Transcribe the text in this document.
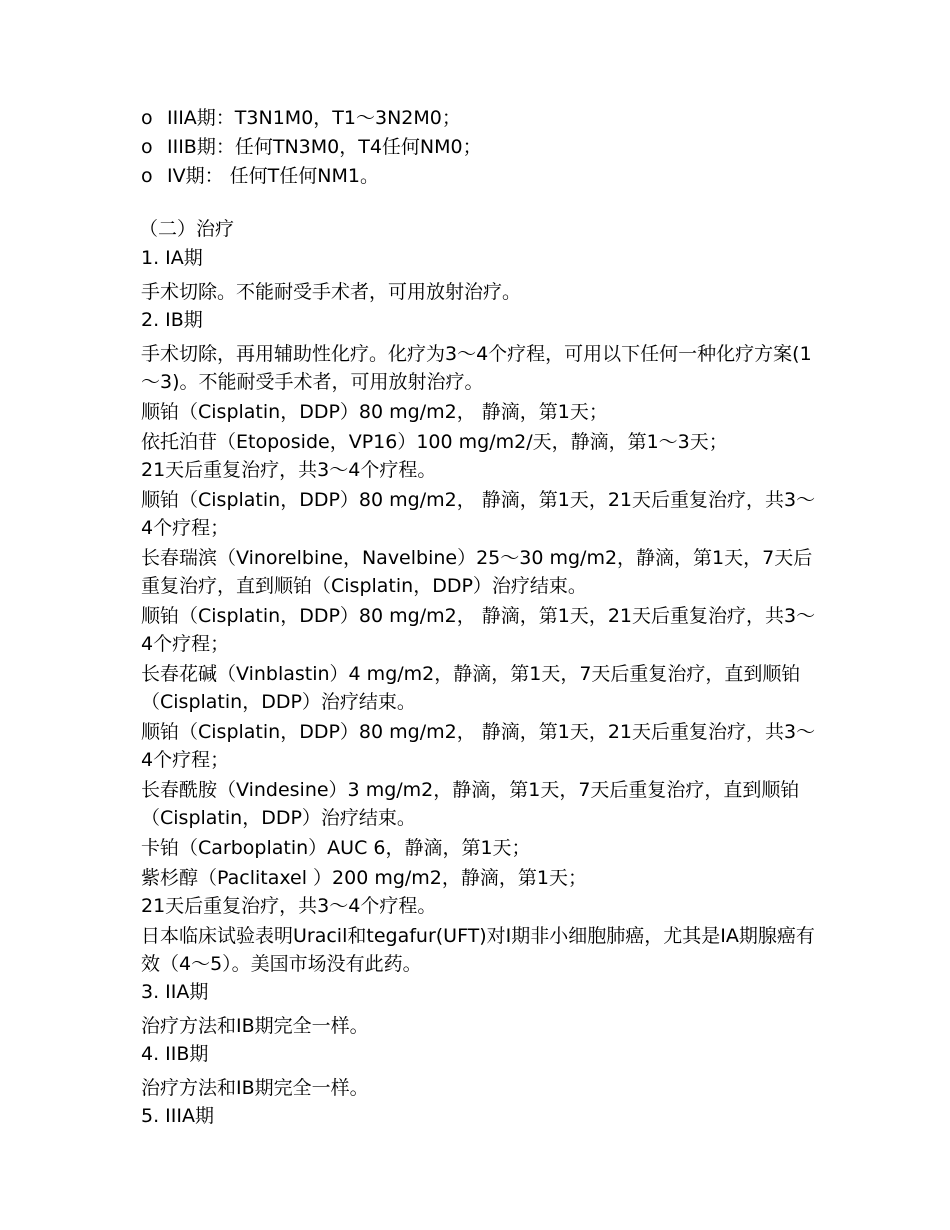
o IIIA期：T3N1M0，T1～3N2M0；
o IIIB期：任何TN3M0，T4任何NM0；
o IV期： 任何T任何NM1。
（二）治疗
1. IA期
手术切除。不能耐受手术者，可用放射治疗。
2. IB期
手术切除，再用辅助性化疗。化疗为3～4个疗程，可用以下任何一种化疗方案(1～3)。不能耐受手术者，可用放射治疗。
顺铂（Cisplatin，DDP）80 mg/m2， 静滴，第1天；
依托泊苷（Etoposide，VP16）100 mg/m2/天，静滴，第1～3天；
21天后重复治疗，共3～4个疗程。
顺铂（Cisplatin，DDP）80 mg/m2， 静滴，第1天，21天后重复治疗，共3～4个疗程；
长春瑞滨（Vinorelbine，Navelbine）25～30 mg/m2，静滴，第1天，7天后重复治疗，直到顺铂（Cisplatin，DDP）治疗结束。
顺铂（Cisplatin，DDP）80 mg/m2， 静滴，第1天，21天后重复治疗，共3～4个疗程；
长春花碱（Vinblastin）4 mg/m2，静滴，第1天，7天后重复治疗，直到顺铂（Cisplatin，DDP）治疗结束。
顺铂（Cisplatin，DDP）80 mg/m2， 静滴，第1天，21天后重复治疗，共3～4个疗程；
长春酰胺（Vindesine）3 mg/m2，静滴，第1天，7天后重复治疗，直到顺铂（Cisplatin，DDP）治疗结束。
卡铂（Carboplatin）AUC 6，静滴，第1天；
紫杉醇（Paclitaxel ）200 mg/m2，静滴，第1天；
21天后重复治疗，共3～4个疗程。
日本临床试验表明Uracil和tegafur(UFT)对I期非小细胞肺癌，尤其是IA期腺癌有效（4～5）。美国市场没有此药。
3. IIA期
治疗方法和IB期完全一样。
4. IIB期
治疗方法和IB期完全一样。
5. IIIA期
